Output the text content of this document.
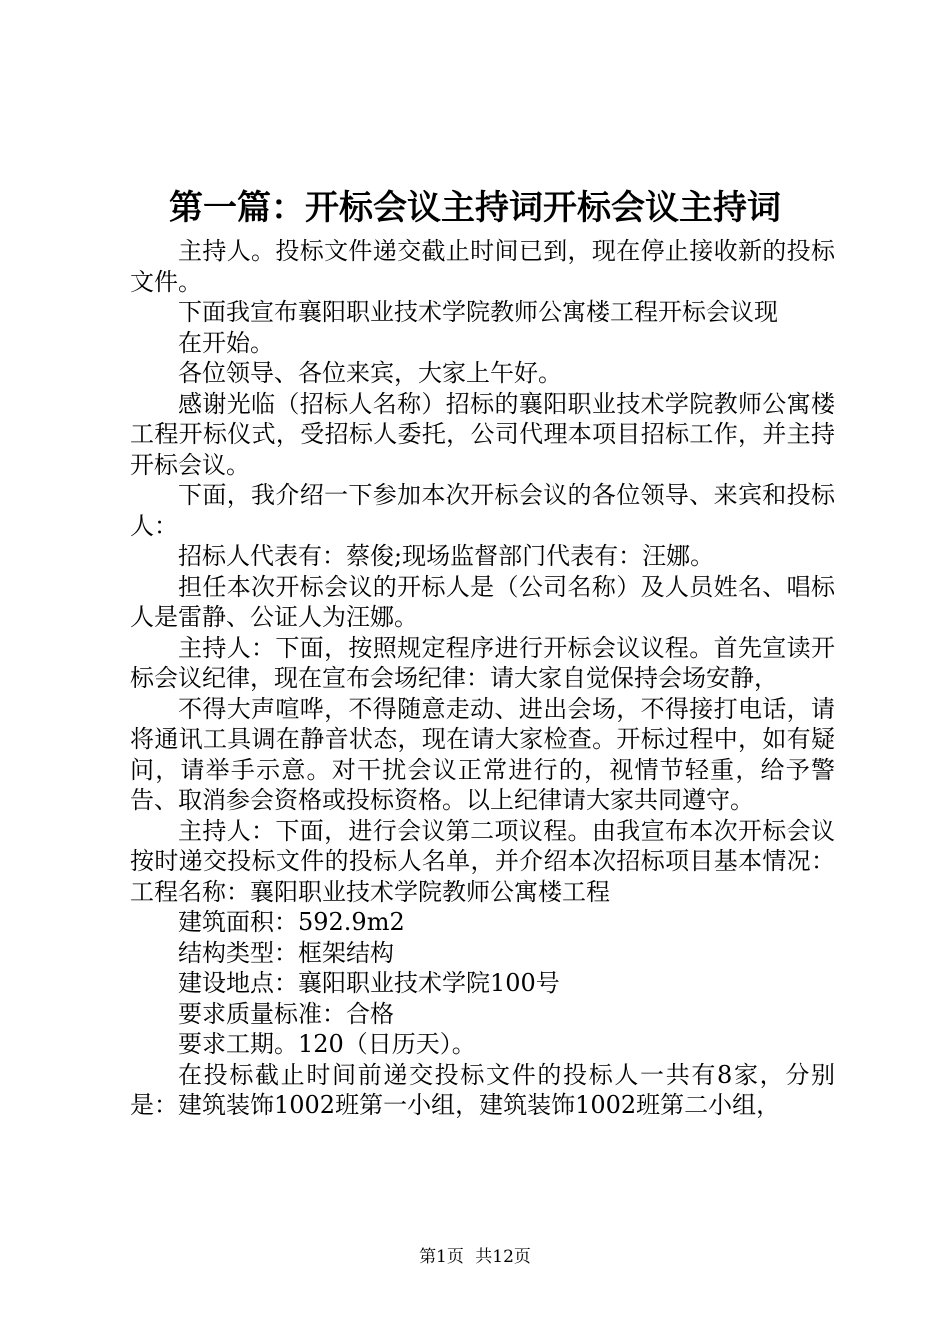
第一篇：开标会议主持词开标会议主持词

主持人。投标文件递交截止时间已到，现在停止接收新的投标文件。

下面我宣布襄阳职业技术学院教师公寓楼工程开标会议现

在开始。

各位领导、各位来宾，大家上午好。

感谢光临（招标人名称）招标的襄阳职业技术学院教师公寓楼工程开标仪式，受招标人委托，公司代理本项目招标工作，并主持开标会议。

下面，我介绍一下参加本次开标会议的各位领导、来宾和投标人：

招标人代表有：蔡俊;现场监督部门代表有：汪娜。

担任本次开标会议的开标人是（公司名称）及人员姓名、唱标人是雷静、公证人为汪娜。

主持人：下面，按照规定程序进行开标会议议程。首先宣读开标会议纪律，现在宣布会场纪律：请大家自觉保持会场安静，

不得大声喧哗，不得随意走动、进出会场，不得接打电话，请将通讯工具调在静音状态，现在请大家检查。开标过程中，如有疑问，请举手示意。对干扰会议正常进行的，视情节轻重，给予警告、取消参会资格或投标资格。以上纪律请大家共同遵守。

主持人：下面，进行会议第二项议程。由我宣布本次开标会议按时递交投标文件的投标人名单，并介绍本次招标项目基本情况：工程名称：襄阳职业技术学院教师公寓楼工程

建筑面积：592.9m2

结构类型：框架结构

建设地点：襄阳职业技术学院100号

要求质量标准：合格

要求工期。120（日历天）。

在投标截止时间前递交投标文件的投标人一共有8家，分别是：建筑装饰1002班第一小组，建筑装饰1002班第二小组，

第1页 共12页
